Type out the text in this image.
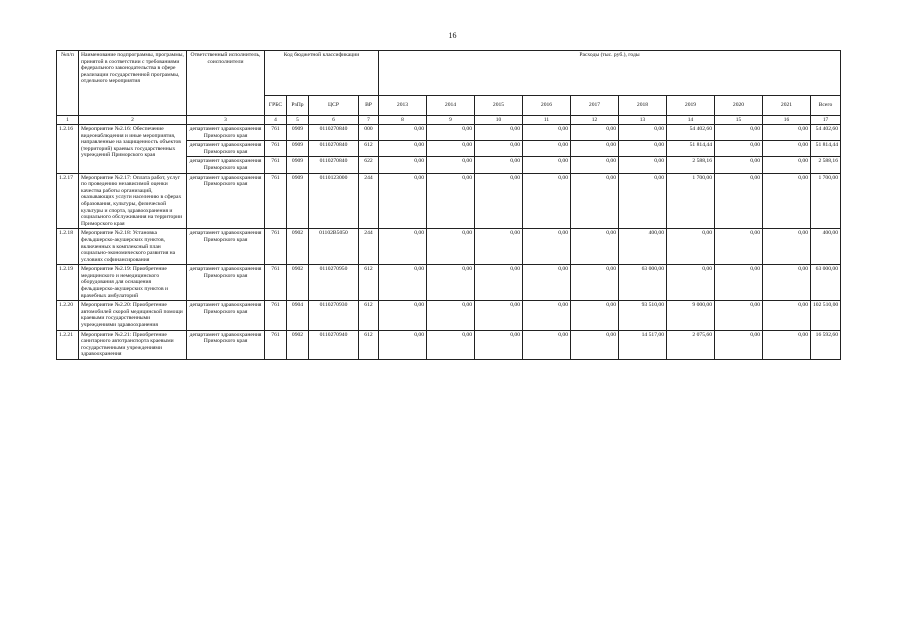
16
№п/п	Наименование подпрограммы, программы, принятой в соответствии с требованиями федерального законодательства в сфере реализации государственной программы, отдельного мероприятия	Ответственный исполнитель, соисполнители	Код бюджетной классификации				Расходы (тыс. руб.), годы									
			ГРБС	РзПр	ЦСР	ВР	2013	2014	2015	2016	2017	2018	2019	2020	2021	Всего
1	2	3	4	5	6	7	8	9	10	11	12	13	14	15	16	17
1.2.16	Мероприятие №2.16: Обеспечение видеонаблюдения и иные мероприятия, направленные на защищенность объектов (территорий) краевых государственных учреждений Приморского края	департамент здравоохранения Приморского края	761	0909	0110270840	000	0,00	0,00	0,00	0,00	0,00	0,00	54 402,60	0,00	0,00	54 402,60
		департамент здравоохранения Приморского края	761	0909	0110270840	612	0,00	0,00	0,00	0,00	0,00	0,00	51 814,44	0,00	0,00	51 814,44
		департамент здравоохранения Приморского края	761	0909	0110270840	622	0,00	0,00	0,00	0,00	0,00	0,00	2 588,16	0,00	0,00	2 588,16
1.2.17	Мероприятие №2.17: Оплата работ, услуг по проведению независимой оценки качества работы организаций, оказывающих услуги населению в сферах образования, культуры, физической культуры и спорта, здравоохранения и социального обслуживания на территории Приморского края	департамент здравоохранения Приморского края	761	0909	0110123000	244	0,00	0,00	0,00	0,00	0,00	0,00	1 700,00	0,00	0,00	1 700,00
1.2.18	Мероприятие №2.18: Установка фельдшерско-акушерских пунктов, включенных в комплексный план социально-экономического развития на условиях софинансирования	департамент здравоохранения Приморского края	761	0902	01102В5050	244	0,00	0,00	0,00	0,00	0,00	400,00	0,00	0,00	0,00	400,00
1.2.19	Мероприятие №2.19: Приобретение медицинского и немедицинского оборудования для оснащения фельдшерско-акушерских пунктов и врачебных амбулаторий	департамент здравоохранения Приморского края	761	0902	0110270950	612	0,00	0,00	0,00	0,00	0,00	63 000,00	0,00	0,00	0,00	63 000,00
1.2.20	Мероприятие №2.20: Приобретение автомобилей скорой медицинской помощи краевыми государственными учреждениями здравоохранения	департамент здравоохранения Приморского края	761	0904	0110270930	612	0,00	0,00	0,00	0,00	0,00	93 510,00	9 000,00	0,00	0,00	102 510,00
1.2.21	Мероприятие №2.21: Приобретение санитарного автотранспорта краевыми государственными учреждениями здравоохранения	департамент здравоохранения Приморского края	761	0902	0110270940	612	0,00	0,00	0,00	0,00	0,00	14 517,00	2 075,60	0,00	0,00	16 592,60
